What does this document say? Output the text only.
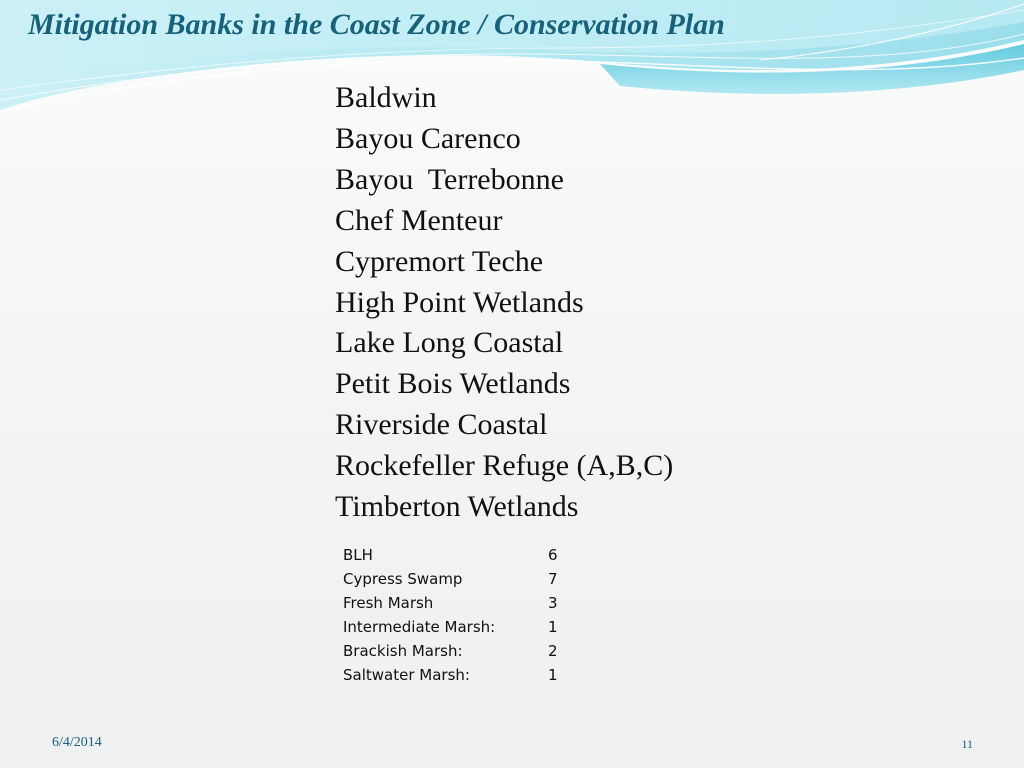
Mitigation Banks in the Coast Zone / Conservation Plan
Baldwin
Bayou Carenco
Bayou  Terrebonne
Chef Menteur
Cypremort Teche
High Point Wetlands
Lake Long Coastal
Petit Bois Wetlands
Riverside Coastal
Rockefeller Refuge (A,B,C)
Timberton Wetlands
BLH	6
Cypress Swamp	7
Fresh Marsh	3
Intermediate Marsh:	1
Brackish Marsh:	2
Saltwater Marsh:	1
6/4/2014	11
